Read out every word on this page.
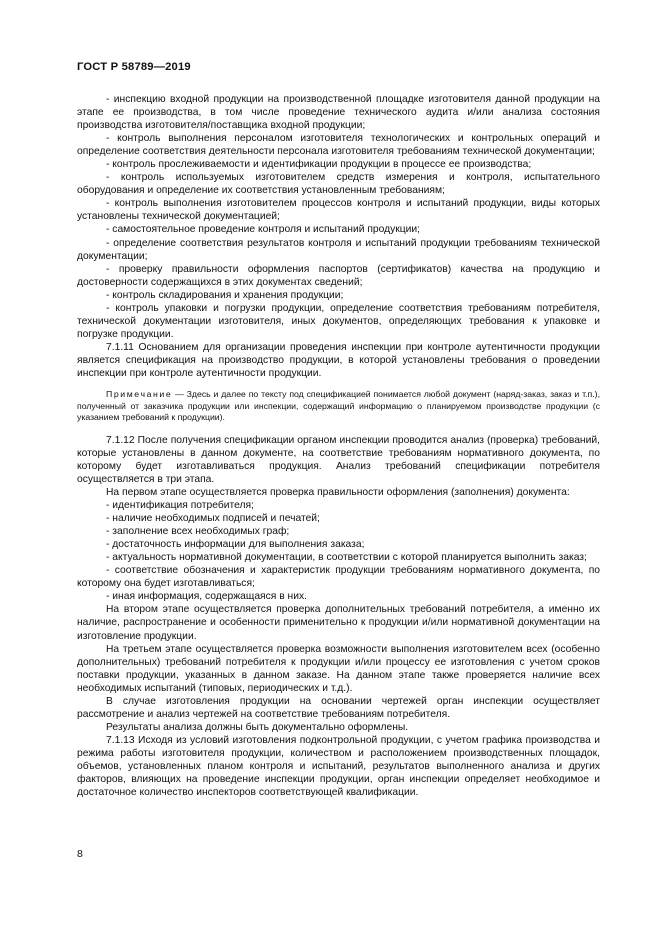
ГОСТ Р 58789—2019

- инспекцию входной продукции на производственной площадке изготовителя данной продукции на этапе ее производства, в том числе проведение технического аудита и/или анализа состояния производства изготовителя/поставщика входной продукции;

- контроль выполнения персоналом изготовителя технологических и контрольных операций и определение соответствия деятельности персонала изготовителя требованиям технической документации;

- контроль прослеживаемости и идентификации продукции в процессе ее производства;

- контроль используемых изготовителем средств измерения и контроля, испытательного оборудования и определение их соответствия установленным требованиям;

- контроль выполнения изготовителем процессов контроля и испытаний продукции, виды которых установлены технической документацией;

- самостоятельное проведение контроля и испытаний продукции;

- определение соответствия результатов контроля и испытаний продукции требованиям технической документации;

- проверку правильности оформления паспортов (сертификатов) качества на продукцию и достоверности содержащихся в этих документах сведений;

- контроль складирования и хранения продукции;

- контроль упаковки и погрузки продукции, определение соответствия требованиям потребителя, технической документации изготовителя, иных документов, определяющих требования к упаковке и погрузке продукции.

7.1.11 Основанием для организации проведения инспекции при контроле аутентичности продукции является спецификация на производство продукции, в которой установлены требования о проведении инспекции при контроле аутентичности продукции.

Примечание — Здесь и далее по тексту под спецификацией понимается любой документ (наряд-заказ, заказ и т.п.), полученный от заказчика продукции или инспекции, содержащий информацию о планируемом производстве продукции (с указанием требований к продукции).

7.1.12 После получения спецификации органом инспекции проводится анализ (проверка) требований, которые установлены в данном документе, на соответствие требованиям нормативного документа, по которому будет изготавливаться продукция. Анализ требований спецификации потребителя осуществляется в три этапа.

На первом этапе осуществляется проверка правильности оформления (заполнения) документа:

- идентификация потребителя;

- наличие необходимых подписей и печатей;

- заполнение всех необходимых граф;

- достаточность информации для выполнения заказа;

- актуальность нормативной документации, в соответствии с которой планируется выполнить заказ;

- соответствие обозначения и характеристик продукции требованиям нормативного документа, по которому она будет изготавливаться;

- иная информация, содержащаяся в них.

На втором этапе осуществляется проверка дополнительных требований потребителя, а именно их наличие, распространение и особенности применительно к продукции и/или нормативной документации на изготовление продукции.

На третьем этапе осуществляется проверка возможности выполнения изготовителем всех (особенно дополнительных) требований потребителя к продукции и/или процессу ее изготовления с учетом сроков поставки продукции, указанных в данном заказе. На данном этапе также проверяется наличие всех необходимых испытаний (типовых, периодических и т.д.).

В случае изготовления продукции на основании чертежей орган инспекции осуществляет рассмотрение и анализ чертежей на соответствие требованиям потребителя.

Результаты анализа должны быть документально оформлены.

7.1.13 Исходя из условий изготовления подконтрольной продукции, с учетом графика производства и режима работы изготовителя продукции, количеством и расположением производственных площадок, объемов, установленных планом контроля и испытаний, результатов выполненного анализа и других факторов, влияющих на проведение инспекции продукции, орган инспекции определяет необходимое и достаточное количество инспекторов соответствующей квалификации.

8
